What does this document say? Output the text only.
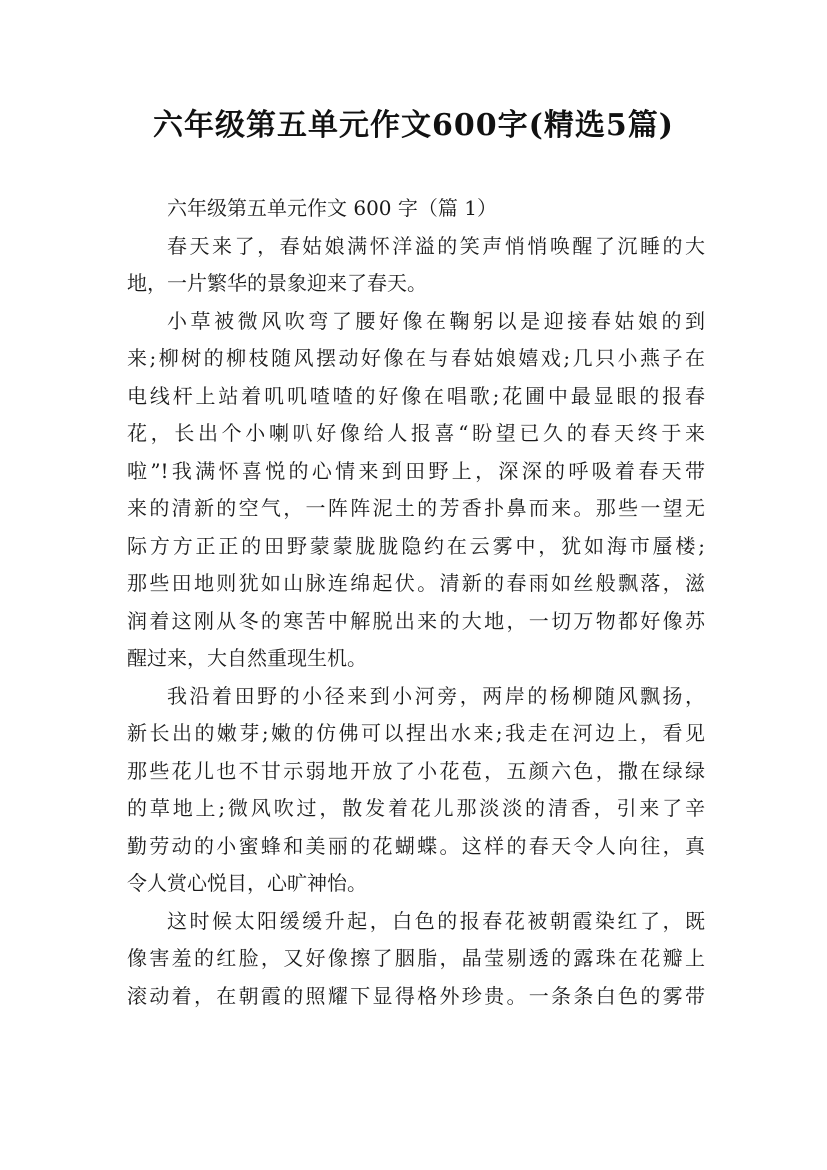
六年级第五单元作文600字(精选5篇)
六年级第五单元作文 600 字（篇 1）
春天来了，春姑娘满怀洋溢的笑声悄悄唤醒了沉睡的大
地，一片繁华的景象迎来了春天。
小草被微风吹弯了腰好像在鞠躬以是迎接春姑娘的到
来;柳树的柳枝随风摆动好像在与春姑娘嬉戏;几只小燕子在
电线杆上站着叽叽喳喳的好像在唱歌;花圃中最显眼的报春
花，长出个小喇叭好像给人报喜“盼望已久的春天终于来
啦”!我满怀喜悦的心情来到田野上，深深的呼吸着春天带
来的清新的空气，一阵阵泥土的芳香扑鼻而来。那些一望无
际方方正正的田野蒙蒙胧胧隐约在云雾中，犹如海市蜃楼;
那些田地则犹如山脉连绵起伏。清新的春雨如丝般飘落，滋
润着这刚从冬的寒苦中解脱出来的大地，一切万物都好像苏
醒过来，大自然重现生机。
我沿着田野的小径来到小河旁，两岸的杨柳随风飘扬，
新长出的嫩芽;嫩的仿佛可以捏出水来;我走在河边上，看见
那些花儿也不甘示弱地开放了小花苞，五颜六色，撒在绿绿
的草地上;微风吹过，散发着花儿那淡淡的清香，引来了辛
勤劳动的小蜜蜂和美丽的花蝴蝶。这样的春天令人向往，真
令人赏心悦目，心旷神怡。
这时候太阳缓缓升起，白色的报春花被朝霞染红了，既
像害羞的红脸，又好像擦了胭脂，晶莹剔透的露珠在花瓣上
滚动着，在朝霞的照耀下显得格外珍贵。一条条白色的雾带
